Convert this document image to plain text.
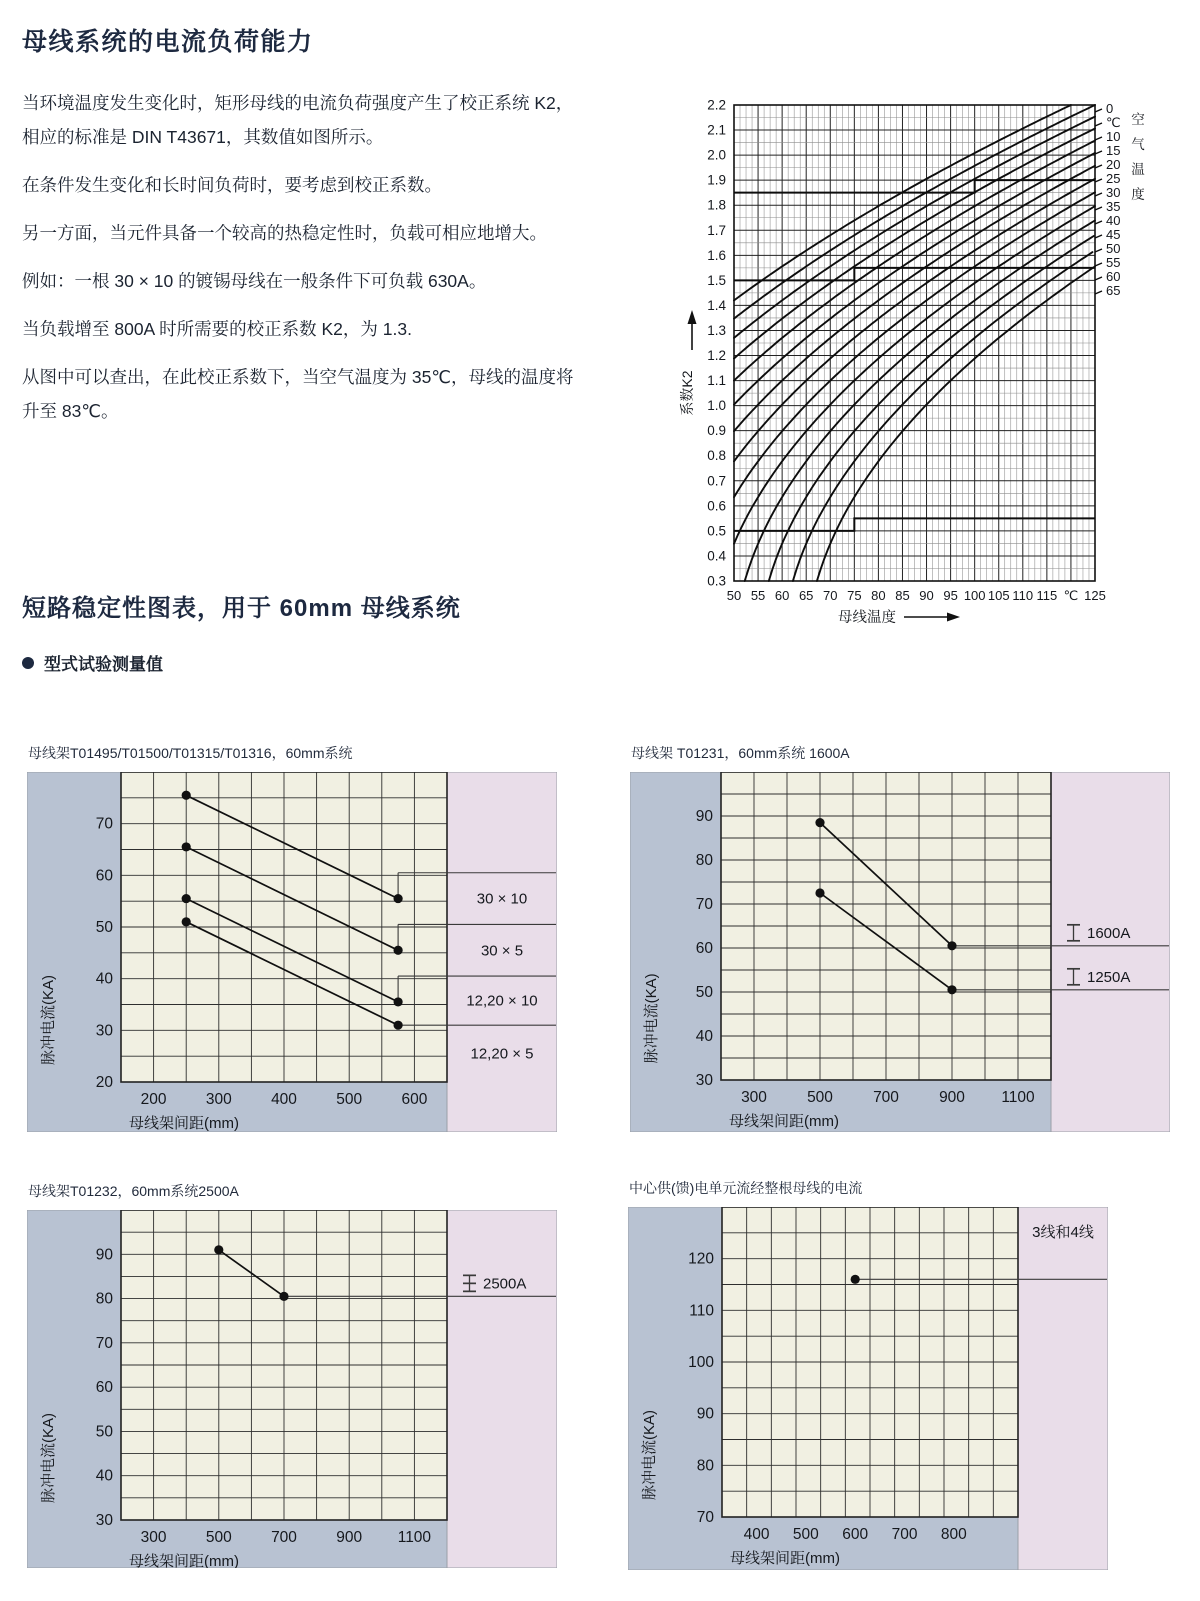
母线系统的电流负荷能力

当环境温度发生变化时，矩形母线的电流负荷强度产生了校正系统 K2，相应的标准是 DIN T43671，其数值如图所示。

在条件发生变化和长时间负荷时，要考虑到校正系数。

另一方面，当元件具备一个较高的热稳定性时，负载可相应地增大。

例如：一根 30 × 10 的镀锡母线在一般条件下可负载 630A。

当负载增至 800A 时所需要的校正系数 K2，为 1.3.

从图中可以查出，在此校正系数下，当空气温度为 35℃，母线的温度将升至 83℃。

2.2
2.1
2.0
1.9
1.8
1.7
1.6
1.5
1.4
1.3
1.2
1.1
1.0
0.9
0.8
0.7
0.6
0.5
0.4
0.3
50 55 60 65 70 75 80 85 90 95 100 105 110 115 ℃ 125
系数K2
母线温度
0
℃
10
15
20
25
30
35
40
45
50
55
60
65
空
气
温
度
短路稳定性图表，用于 60mm 母线系统
型式试验测量值
母线架T01495/T01500/T01315/T01316，60mm系统
30 × 10
30 × 5
12,20 × 10
12,20 × 5
200	300	400	500	600
20
30
40
50
60
70
母线架间距(mm)
脉冲电流(KA)
母线架 T01231，60mm系统 1600A
1600A
1250A
300	500	700	900 1100
30
40
50
60
70
80
90
母线架间距(mm)
脉冲电流(KA)
母线架T01232，60mm系统2500A
2500A
300	500	700	900 1100
30
40
50
60
70
80
90
母线架间距(mm)
脉冲电流(KA)
中心供(馈)电单元流经整根母线的电流
3线和4线
400 500 600 700 800
70
80
90
100
110
120
母线架间距(mm)
脉冲电流(KA)
